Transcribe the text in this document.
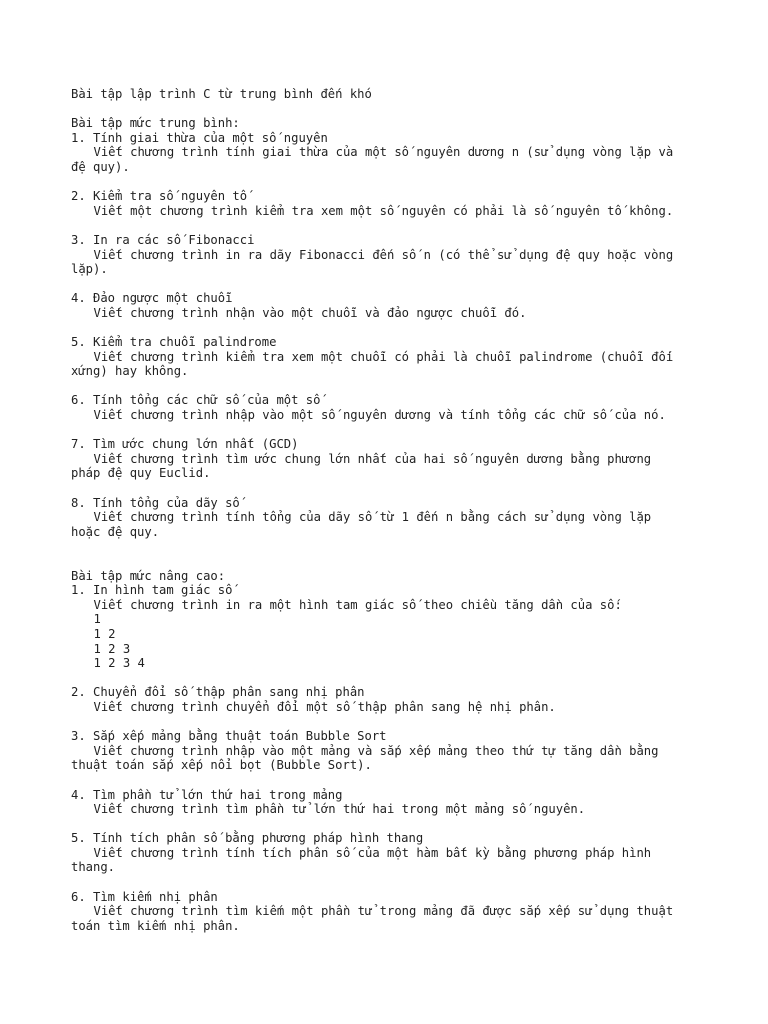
Bài tập lập trình C từ trung bình đến khó
Bài tập mức trung bình:
1. Tính giai thừa của một số nguyên
Viết chương trình tính giai thừa của một số nguyên dương n (sử dụng vòng lặp và
đệ quy).
2. Kiểm tra số nguyên tố
Viết một chương trình kiểm tra xem một số nguyên có phải là số nguyên tố không.
3. In ra các số Fibonacci
Viết chương trình in ra dãy Fibonacci đến số n (có thể sử dụng đệ quy hoặc vòng
lặp).
4. Đảo ngược một chuỗi
Viết chương trình nhận vào một chuỗi và đảo ngược chuỗi đó.
5. Kiểm tra chuỗi palindrome
Viết chương trình kiểm tra xem một chuỗi có phải là chuỗi palindrome (chuỗi đối
xứng) hay không.
6. Tính tổng các chữ số của một số
Viết chương trình nhập vào một số nguyên dương và tính tổng các chữ số của nó.
7. Tìm ước chung lớn nhất (GCD)
Viết chương trình tìm ước chung lớn nhất của hai số nguyên dương bằng phương
pháp đệ quy Euclid.
8. Tính tổng của dãy số
Viết chương trình tính tổng của dãy số từ 1 đến n bằng cách sử dụng vòng lặp
hoặc đệ quy.
Bài tập mức nâng cao:
1. In hình tam giác số
Viết chương trình in ra một hình tam giác số theo chiều tăng dần của số:
1
1 2
1 2 3
1 2 3 4
2. Chuyển đổi số thập phân sang nhị phân
Viết chương trình chuyển đổi một số thập phân sang hệ nhị phân.
3. Sắp xếp mảng bằng thuật toán Bubble Sort
Viết chương trình nhập vào một mảng và sắp xếp mảng theo thứ tự tăng dần bằng
thuật toán sắp xếp nổi bọt (Bubble Sort).
4. Tìm phần tử lớn thứ hai trong mảng
Viết chương trình tìm phần tử lớn thứ hai trong một mảng số nguyên.
5. Tính tích phân số bằng phương pháp hình thang
Viết chương trình tính tích phân số của một hàm bất kỳ bằng phương pháp hình
thang.
6. Tìm kiếm nhị phân
Viết chương trình tìm kiếm một phần tử trong mảng đã được sắp xếp sử dụng thuật
toán tìm kiếm nhị phân.
